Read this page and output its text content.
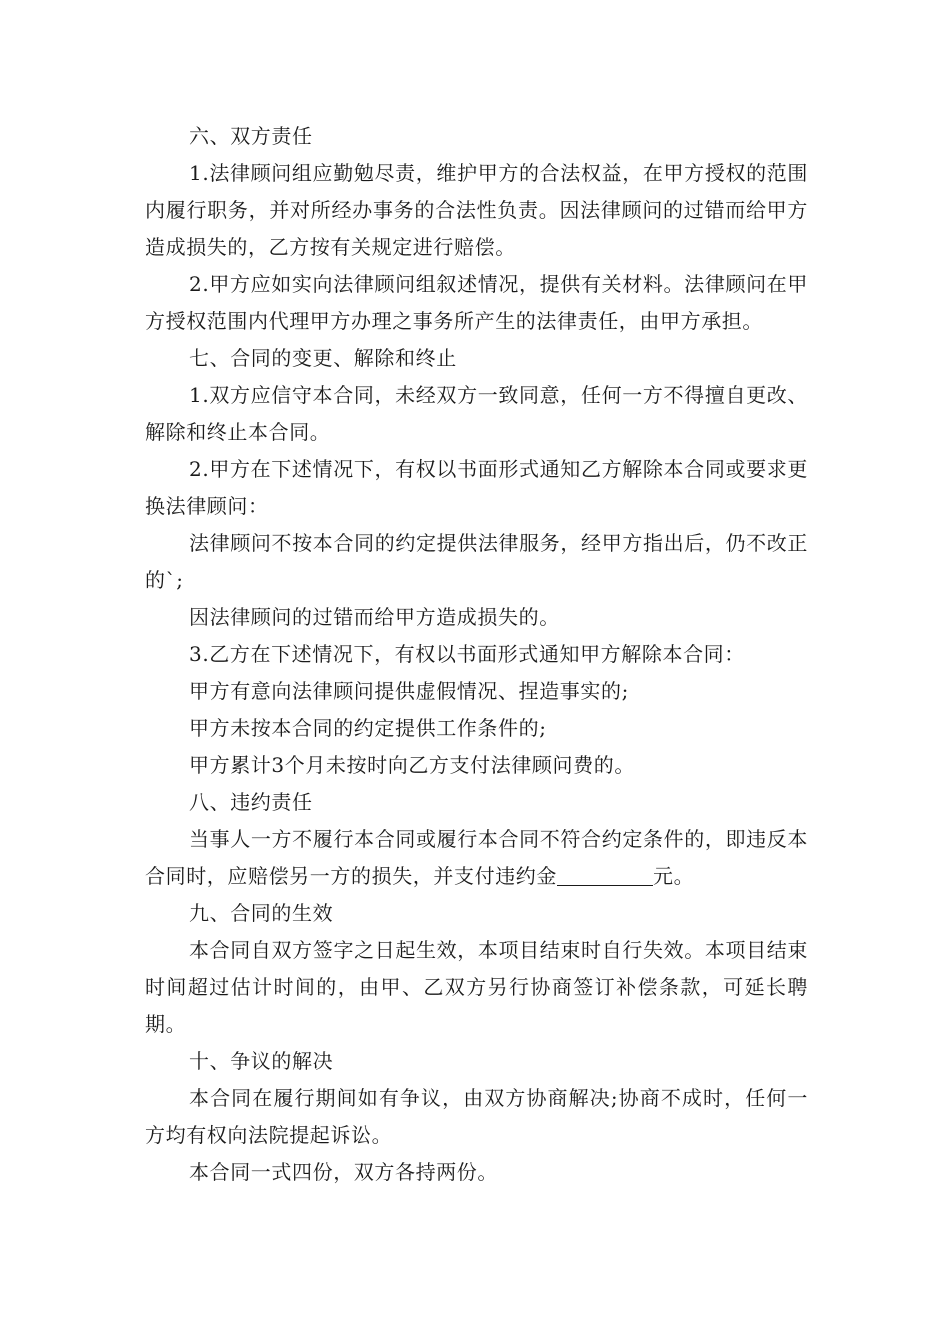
六、双方责任

1.法律顾问组应勤勉尽责，维护甲方的合法权益，在甲方授权的范围内履行职务，并对所经办事务的合法性负责。因法律顾问的过错而给甲方造成损失的，乙方按有关规定进行赔偿。

2.甲方应如实向法律顾问组叙述情况，提供有关材料。法律顾问在甲方授权范围内代理甲方办理之事务所产生的法律责任，由甲方承担。

七、合同的变更、解除和终止

1.双方应信守本合同，未经双方一致同意，任何一方不得擅自更改、解除和终止本合同。

2.甲方在下述情况下，有权以书面形式通知乙方解除本合同或要求更换法律顾问：

法律顾问不按本合同的约定提供法律服务，经甲方指出后，仍不改正的`;

因法律顾问的过错而给甲方造成损失的。

3.乙方在下述情况下，有权以书面形式通知甲方解除本合同：

甲方有意向法律顾问提供虚假情况、捏造事实的;

甲方未按本合同的约定提供工作条件的;

甲方累计3个月未按时向乙方支付法律顾问费的。

八、违约责任

当事人一方不履行本合同或履行本合同不符合约定条件的，即违反本合同时，应赔偿另一方的损失，并支付违约金	元。

九、合同的生效

本合同自双方签字之日起生效，本项目结束时自行失效。本项目结束时间超过估计时间的，由甲、乙双方另行协商签订补偿条款，可延长聘期。

十、争议的解决

本合同在履行期间如有争议，由双方协商解决;协商不成时，任何一方均有权向法院提起诉讼。

本合同一式四份，双方各持两份。
